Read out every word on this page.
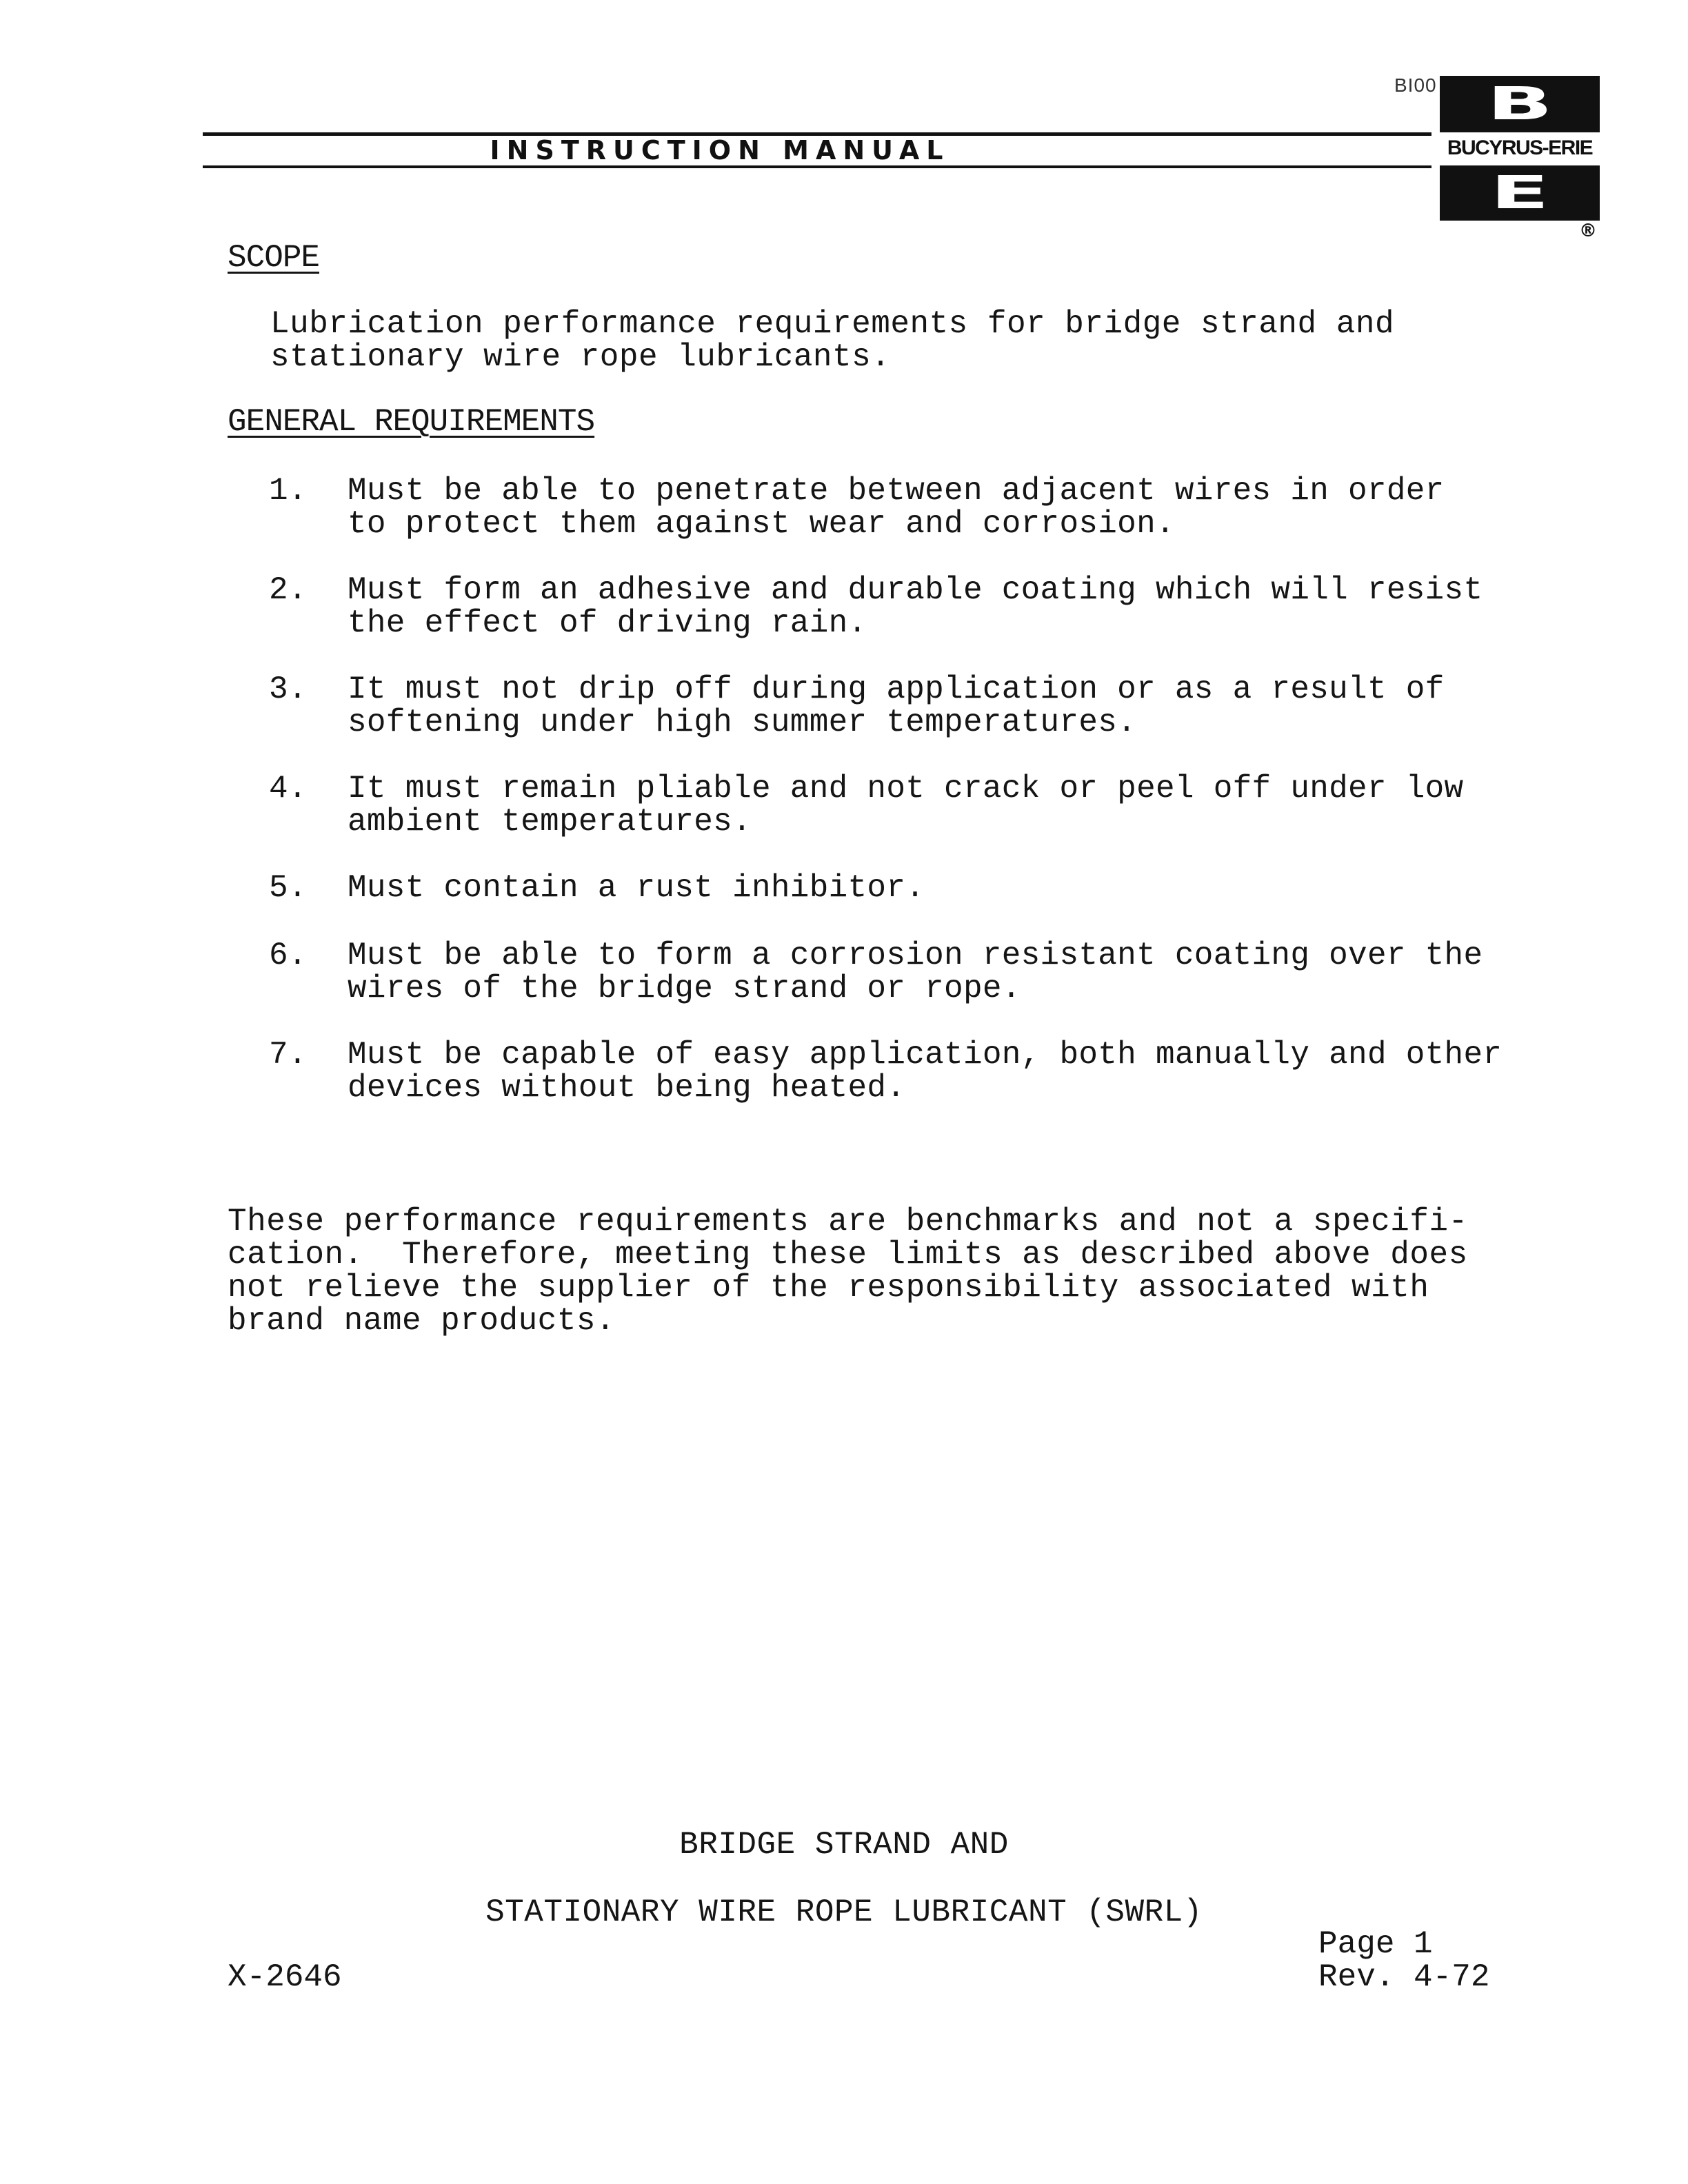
BI00
INSTRUCTION MANUAL
B
BUCYRUS-ERIE
E
®
SCOPE
Lubrication performance requirements for bridge strand and
stationary wire rope lubricants.
GENERAL REQUIREMENTS
1. Must be able to penetrate between adjacent wires in order
to protect them against wear and corrosion.
2. Must form an adhesive and durable coating which will resist
the effect of driving rain.
3. It must not drip off during application or as a result of
softening under high summer temperatures.
4. It must remain pliable and not crack or peel off under low
ambient temperatures.
5. Must contain a rust inhibitor.
6. Must be able to form a corrosion resistant coating over the
wires of the bridge strand or rope.
7. Must be capable of easy application, both manually and other
devices without being heated.
These performance requirements are benchmarks and not a specifi-
cation.  Therefore, meeting these limits as described above does
not relieve the supplier of the responsibility associated with
brand name products.
BRIDGE STRAND AND
STATIONARY WIRE ROPE LUBRICANT (SWRL)
X-2646
Page 1
Rev. 4-72
